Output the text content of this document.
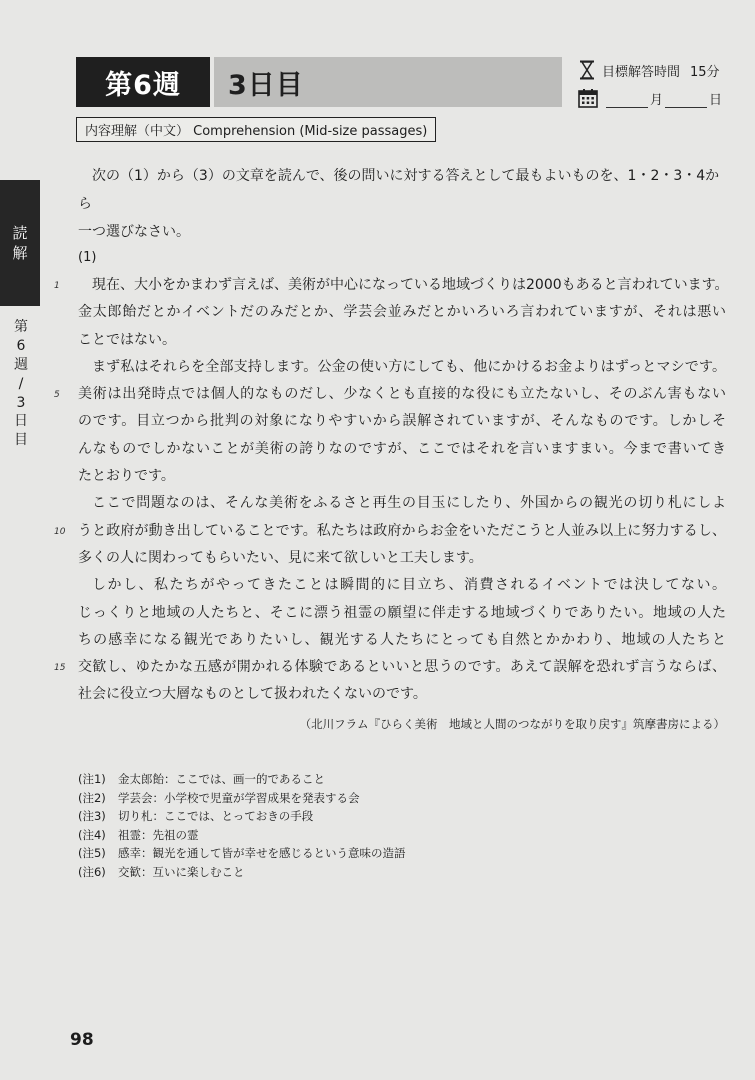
第6週	3日目	目標解答時間 15分
月	日
内容理解（中文） Comprehension (Mid-size passages)
読
解
第
6
週
/
3
日
目

次の（1）から（3）の文章を読んで、後の問いに対する答えとして最もよいものを、1・2・3・4から
一つ選びなさい。

(1)
1	現在、大小をかまわず言えば、美術が中心になっている地域づくりは2000もあると言われています。
金太郎飴だとかイベントだのみだとか、学芸会並みだとかいろいろ言われていますが、それは悪い
ことではない。
まず私はそれらを全部支持します。公金の使い方にしても、他にかけるお金よりはずっとマシです。
5 美術は出発時点では個人的なものだし、少なくとも直接的な役にも立たないし、そのぶん害もない
のです。目立つから批判の対象になりやすいから誤解されていますが、そんなものです。しかしそ
んなものでしかないことが美術の誇りなのですが、ここではそれを言いますまい。今まで書いてき
たとおりです。
ここで問題なのは、そんな美術をふるさと再生の目玉にしたり、外国からの観光の切り札にしよ
10 うと政府が動き出していることです。私たちは政府からお金をいただこうと人並み以上に努力するし、
多くの人に関わってもらいたい、見に来て欲しいと工夫します。
しかし、私たちがやってきたことは瞬間的に目立ち、消費されるイベントでは決してない。
じっくりと地域の人たちと、そこに漂う祖霊の願望に伴走する地域づくりでありたい。地域の人た
ちの感幸になる観光でありたいし、観光する人たちにとっても自然とかかわり、地域の人たちと
15 交歓し、ゆたかな五感が開かれる体験であるといいと思うのです。あえて誤解を恐れず言うならば、
社会に役立つ大層なものとして扱われたくないのです。
（北川フラム『ひらく美術　地域と人間のつながりを取り戻す』筑摩書房による）
(注1)	金太郎飴：ここでは、画一的であること
(注2)	学芸会：小学校で児童が学習成果を発表する会
(注3)	切り札：ここでは、とっておきの手段
(注4)	祖霊：先祖の霊
(注5)	感幸：観光を通して皆が幸せを感じるという意味の造語
(注6)	交歓：互いに楽しむこと
98
